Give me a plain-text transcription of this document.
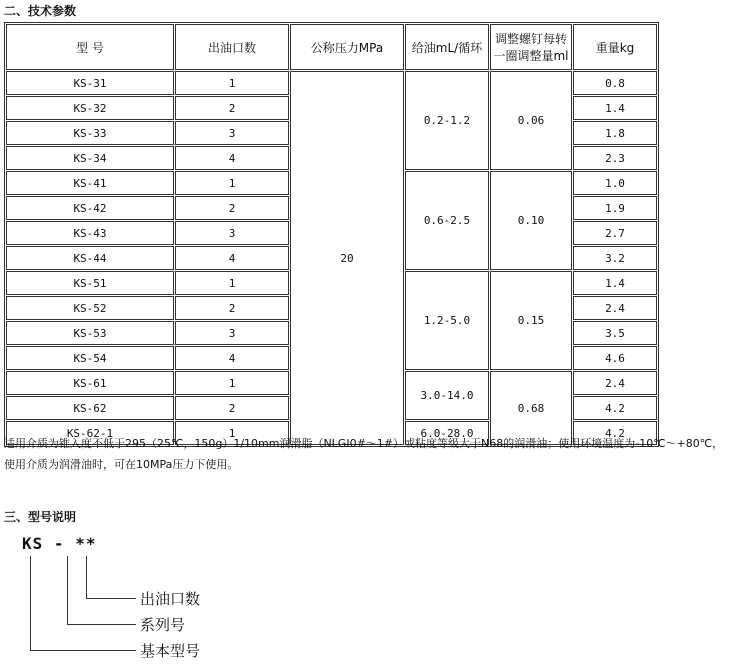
二、技术参数
型 号	出油口数	公称压力MPa	给油mL/循环	调整螺钉每转一圈调整量ml	重量kg
KS-31	1	20	0.2-1.2	0.06	0.8
KS-32	2				1.4
KS-33	3				1.8
KS-34	4				2.3
KS-41	1		0.6-2.5	0.10	1.0
KS-42	2				1.9
KS-43	3				2.7
KS-44	4				3.2
KS-51	1		1.2-5.0	0.15	1.4
KS-52	2				2.4
KS-53	3				3.5
KS-54	4				4.6
KS-61	1		3.0-14.0	0.68	2.4
KS-62	2				4.2
KS-62-1	1		6.0-28.0		4.2
适用介质为锥入度不低于295（25℃，150g）1/10mm润滑脂（NLGI0#～1#）或粘度等级大于N68的润滑油；使用环境温度为-10℃～+80℃，
使用介质为润滑油时，可在10MPa压力下使用。
三、型号说明
KS - **
出油口数
系列号
基本型号
